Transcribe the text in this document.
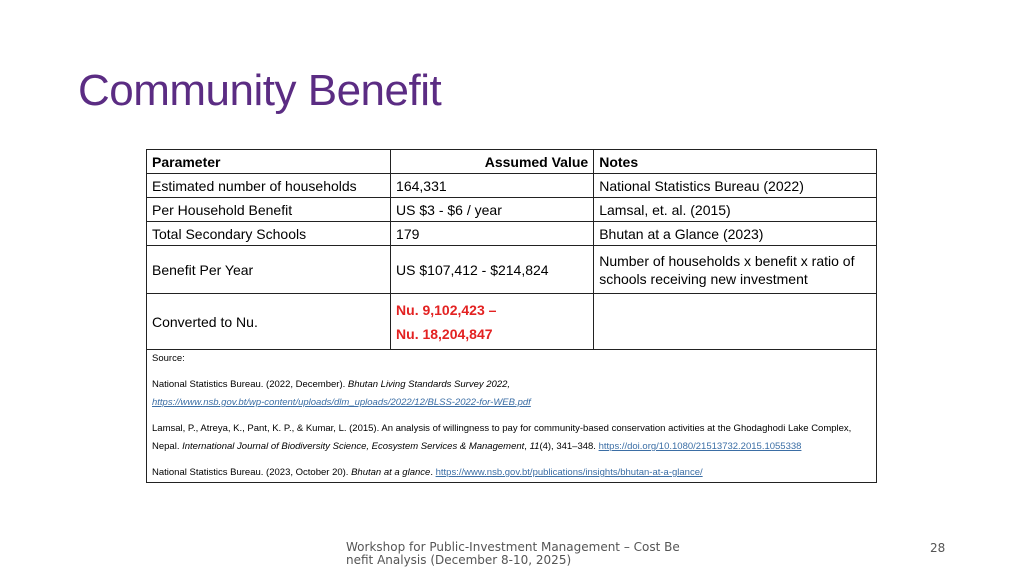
Community Benefit
Parameter	Assumed Value	Notes
Estimated number of households	164,331	National Statistics Bureau (2022)
Per Household Benefit	US $3 - $6 / year	Lamsal, et. al. (2015)
Total Secondary Schools	179	Bhutan at a Glance (2023)
Benefit Per Year	US $107,412 - $214,824	Number of households x benefit x ratio of schools receiving new investment
Converted to Nu.	Nu. 9,102,423 –
Nu. 18,204,847	

Source:

National Statistics Bureau. (2022, December). Bhutan Living Standards Survey 2022,
https://www.nsb.gov.bt/wp-content/uploads/dlm_uploads/2022/12/BLSS-2022-for-WEB.pdf

Lamsal, P., Atreya, K., Pant, K. P., & Kumar, L. (2015). An analysis of willingness to pay for community-based conservation activities at the Ghodaghodi Lake Complex, Nepal. International Journal of Biodiversity Science, Ecosystem Services & Management, 11(4), 341–348. https://doi.org/10.1080/21513732.2015.1055338

National Statistics Bureau. (2023, October 20). Bhutan at a glance. https://www.nsb.gov.bt/publications/insights/bhutan-at-a-glance/		

Workshop for Public-Investment Management – Cost Benefit Analysis (December 8-10, 2025)
28
